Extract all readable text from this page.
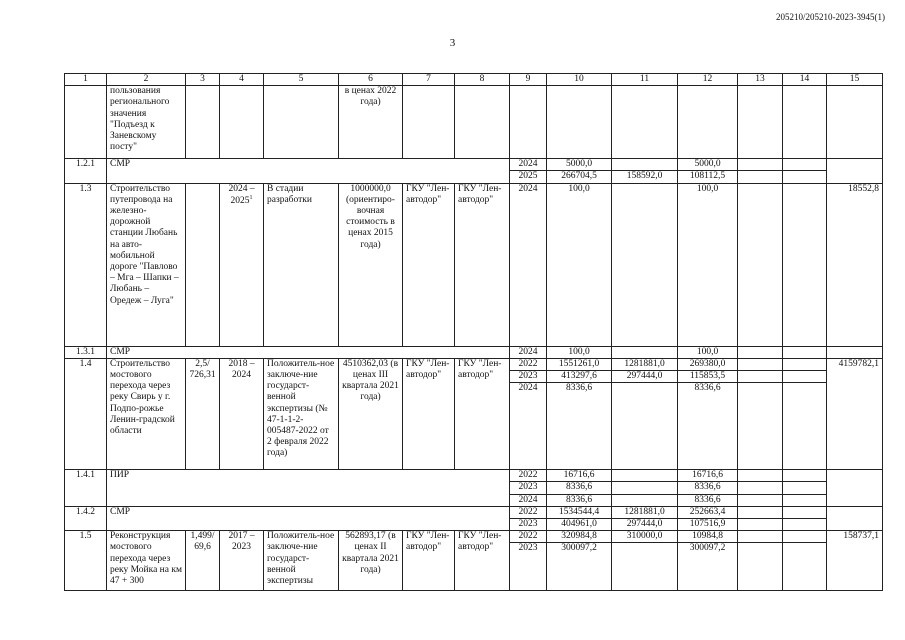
205210/205210-2023-3945(1)
3
1	2	3	4	5	6	7	8	9	10	11	12	13	14	15
	пользования регионального значения "Подъезд к Заневскому посту"				в ценах 2022 года)									
1.2.1	СМР							2024	5000,0		5000,0			
								2025	266704,5	158592,0	108112,5			
1.3	Строительство путепровода на железно-дорожной станции Любань на авто-мобильной дороге "Павлово – Мга – Шапки – Любань – Оредеж – Луга"		2024 – 2025$^1$	В стадии разработки	1000000,0 (ориентиро-вочная стоимость в ценах 2015 года)	ГКУ "Лен-автодор"	ГКУ "Лен-автодор"	2024	100,0		100,0			18552,8
1.3.1	СМР							2024	100,0		100,0			
1.4	Строительство мостового перехода через реку Свирь у г. Подпо-рожье Ленин-градской области	2,5/ 726,31	2018 – 2024	Положитель-ное заключе-ние государст-венной экспертизы (№ 47-1-1-2-005487-2022 от 2 февраля 2022 года)	4510362,03 (в ценах III квартала 2021 года)	ГКУ "Лен-автодор"	ГКУ "Лен-автодор"	2022	1551261,0	1281881,0	269380,0			4159782,1
								2023	413297,6	297444,0	115853,5			
								2024	8336,6		8336,6			
1.4.1	ПИР							2022	16716,6		16716,6			
								2023	8336,6		8336,6			
								2024	8336,6		8336,6			
1.4.2	СМР							2022	1534544,4	1281881,0	252663,4			
								2023	404961,0	297444,0	107516,9			
1.5	Реконструкция мостового перехода через реку Мойка на км 47 + 300	1,499/ 69,6	2017 – 2023	Положитель-ное заключе-ние государст-венной экспертизы	562893,17 (в ценах II квартала 2021 года)	ГКУ "Лен-автодор"	ГКУ "Лен-автодор"	2022	320984,8	310000,0	10984,8			158737,1
								2023	300097,2		300097,2			
